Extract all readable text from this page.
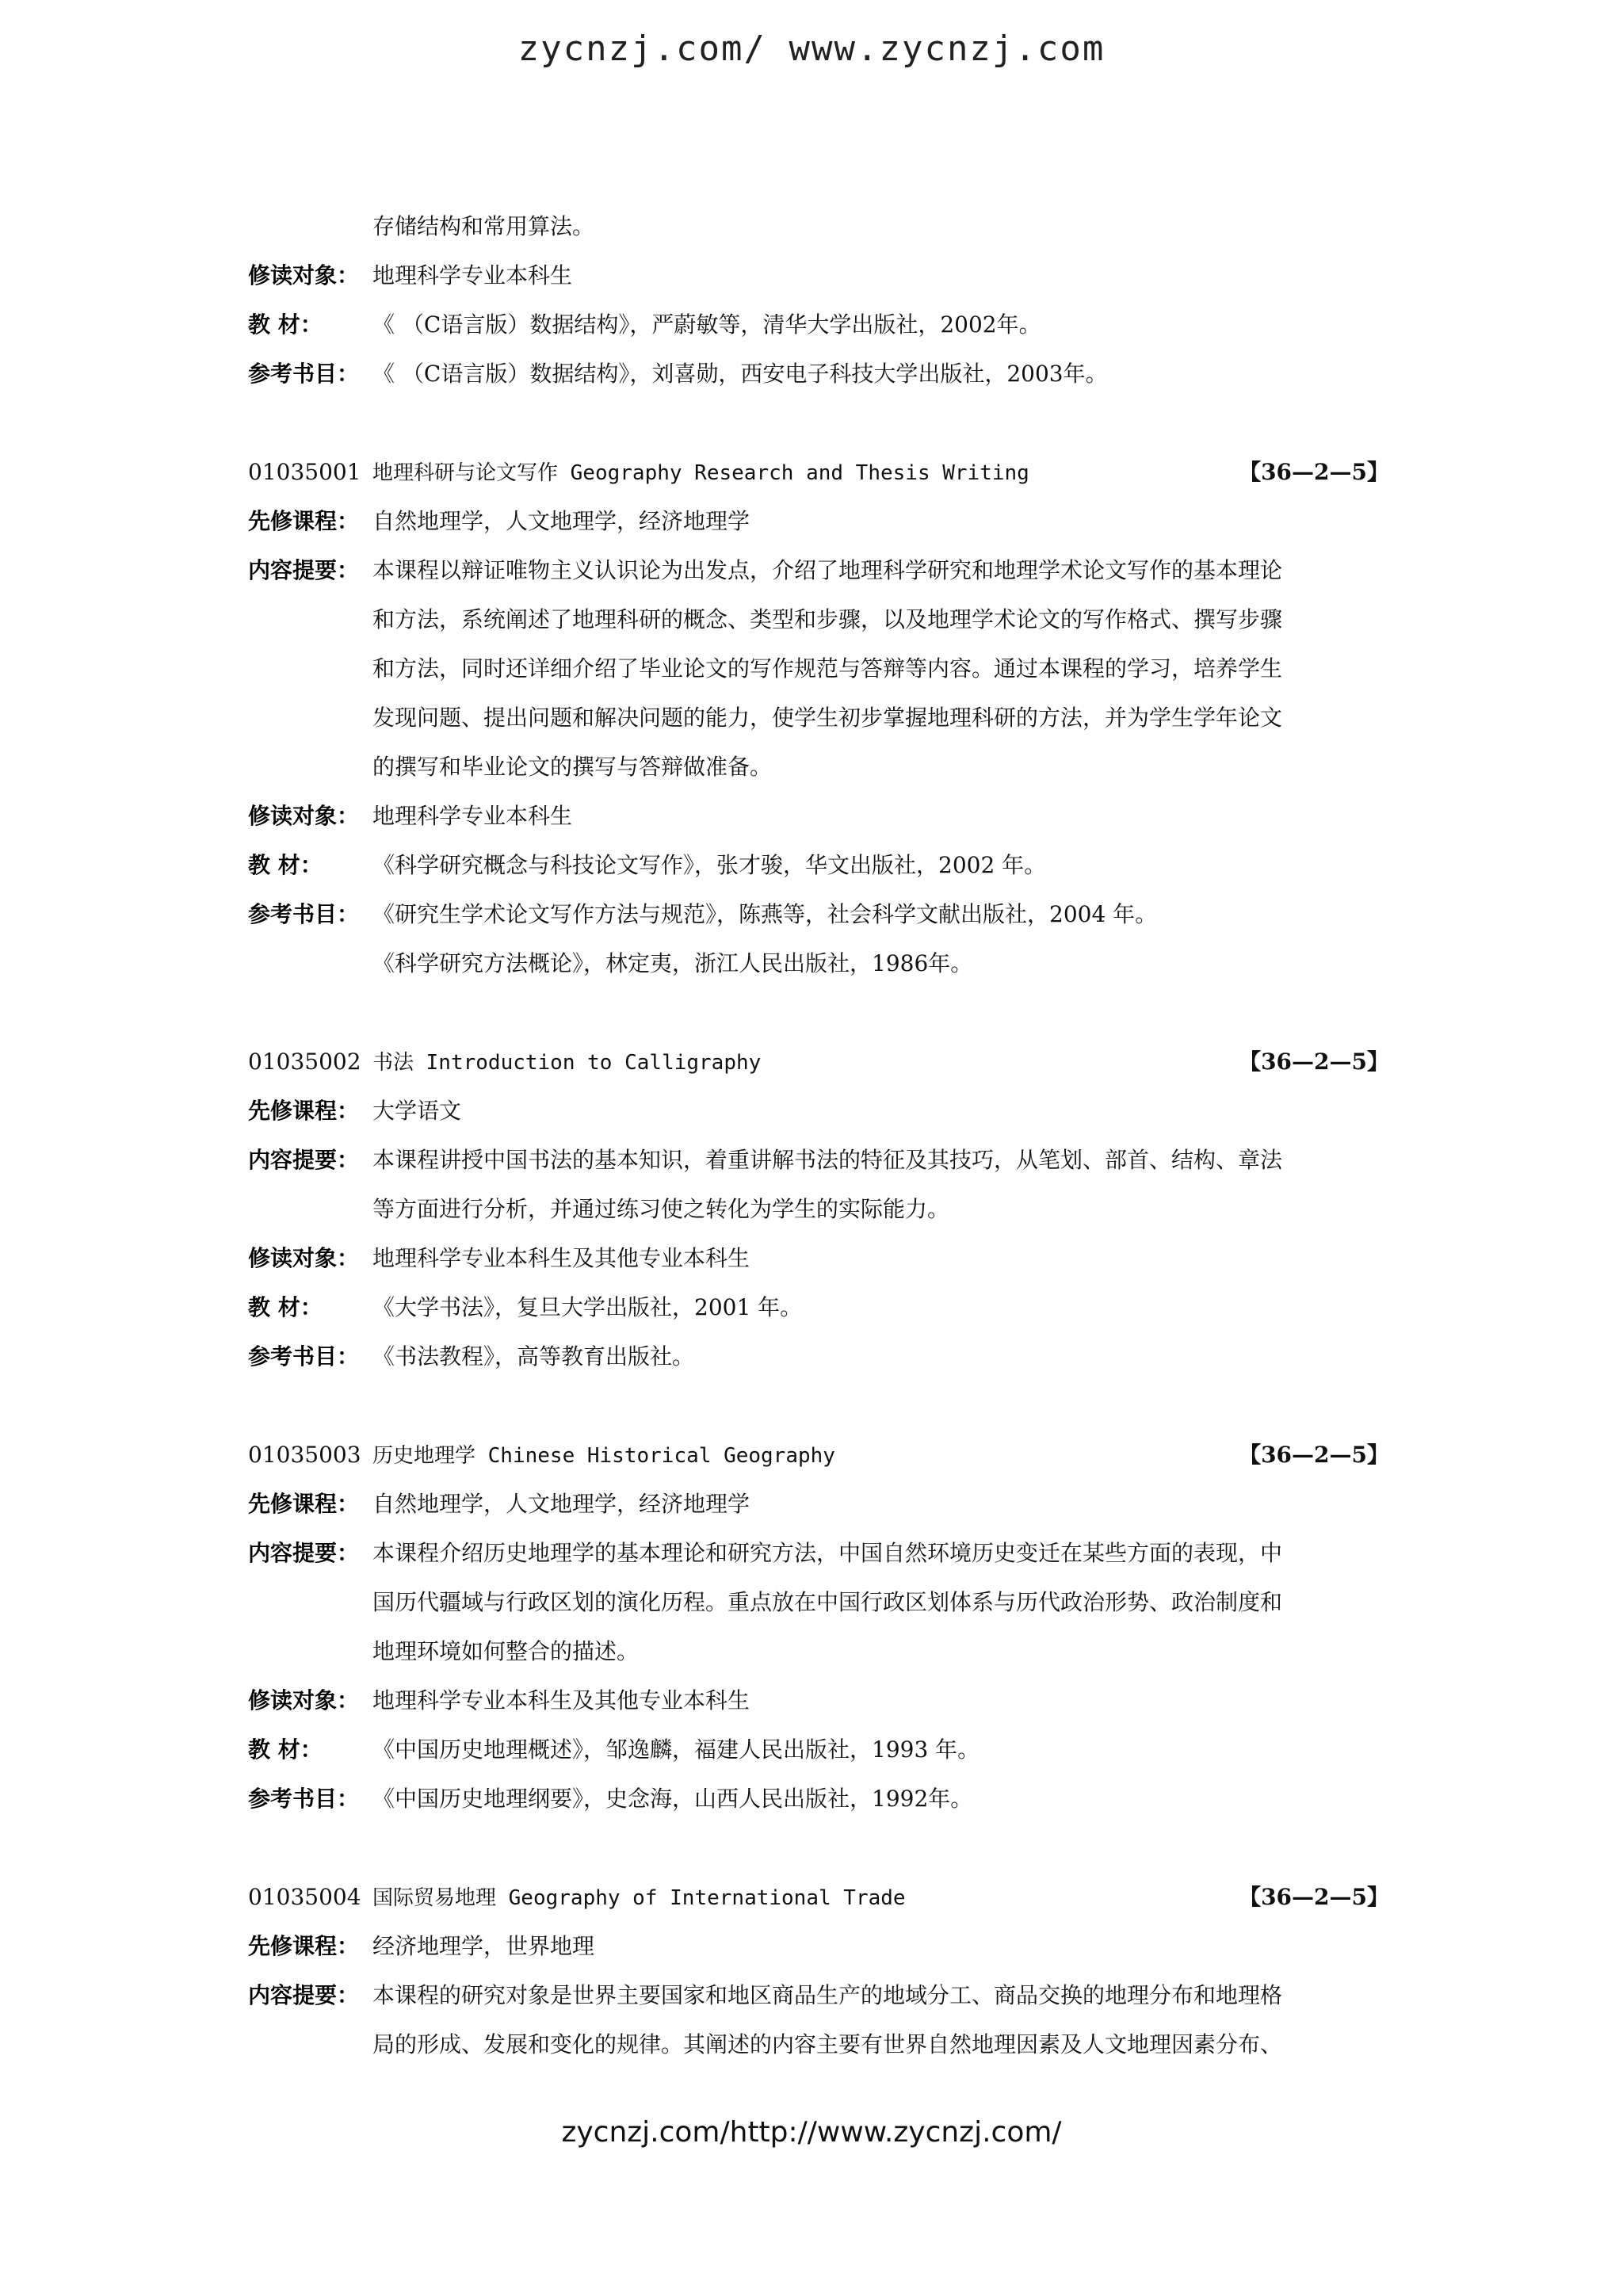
zycnzj.com/ www.zycnzj.com
存储结构和常用算法。
修读对象： 地理科学专业本科生
教 材： 《 （C语言版）数据结构》，严蔚敏等，清华大学出版社，2002年。
参考书目： 《 （C语言版）数据结构》，刘喜勋，西安电子科技大学出版社，2003年。
01035001 地理科研与论文写作 Geography Research and Thesis Writing	【36—2—5】
先修课程： 自然地理学，人文地理学，经济地理学
内容提要： 本课程以辩证唯物主义认识论为出发点，介绍了地理科学研究和地理学术论文写作的基本理论
和方法，系统阐述了地理科研的概念、类型和步骤，以及地理学术论文的写作格式、撰写步骤
和方法，同时还详细介绍了毕业论文的写作规范与答辩等内容。通过本课程的学习，培养学生
发现问题、提出问题和解决问题的能力，使学生初步掌握地理科研的方法，并为学生学年论文
的撰写和毕业论文的撰写与答辩做准备。
修读对象： 地理科学专业本科生
教 材： 《科学研究概念与科技论文写作》，张才骏，华文出版社，2002 年。
参考书目： 《研究生学术论文写作方法与规范》，陈燕等，社会科学文献出版社，2004 年。
《科学研究方法概论》，林定夷，浙江人民出版社，1986年。
01035002 书法 Introduction to Calligraphy	【36—2—5】
先修课程： 大学语文
内容提要： 本课程讲授中国书法的基本知识，着重讲解书法的特征及其技巧，从笔划、部首、结构、章法
等方面进行分析，并通过练习使之转化为学生的实际能力。
修读对象： 地理科学专业本科生及其他专业本科生
教 材： 《大学书法》，复旦大学出版社，2001 年。
参考书目： 《书法教程》，高等教育出版社。
01035003 历史地理学 Chinese Historical Geography	【36—2—5】
先修课程： 自然地理学，人文地理学，经济地理学
内容提要： 本课程介绍历史地理学的基本理论和研究方法，中国自然环境历史变迁在某些方面的表现，中
国历代疆域与行政区划的演化历程。重点放在中国行政区划体系与历代政治形势、政治制度和
地理环境如何整合的描述。
修读对象： 地理科学专业本科生及其他专业本科生
教 材： 《中国历史地理概述》，邹逸麟，福建人民出版社，1993 年。
参考书目： 《中国历史地理纲要》，史念海，山西人民出版社，1992年。
01035004 国际贸易地理 Geography of International Trade	【36—2—5】
先修课程： 经济地理学，世界地理
内容提要： 本课程的研究对象是世界主要国家和地区商品生产的地域分工、商品交换的地理分布和地理格
局的形成、发展和变化的规律。其阐述的内容主要有世界自然地理因素及人文地理因素分布、
zycnzj.com/http://www.zycnzj.com/
